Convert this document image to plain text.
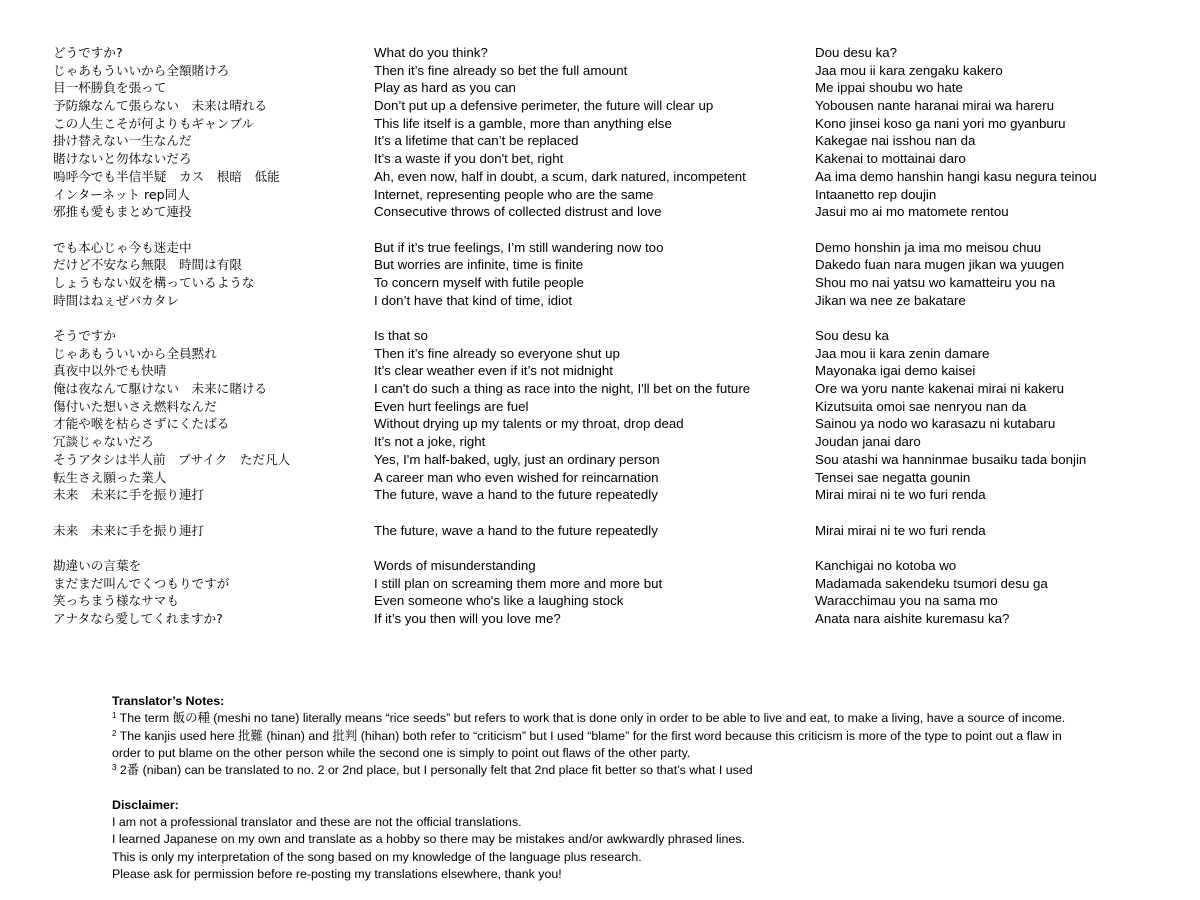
どうですか?	What do you think?	Dou desu ka?
じゃあもういいから全額賭けろ	Then it’s fine already so bet the full amount	Jaa mou ii kara zengaku kakero
目一杯勝負を張って	Play as hard as you can	Me ippai shoubu wo hate
予防線なんて張らない　未来は晴れる	Don’t put up a defensive perimeter, the future will clear up	Yobousen nante haranai mirai wa hareru
この人生こそが何よりもギャンブル	This life itself is a gamble, more than anything else	Kono jinsei koso ga nani yori mo gyanburu
掛け替えない一生なんだ	It’s a lifetime that can’t be replaced	Kakegae nai isshou nan da
賭けないと勿体ないだろ	It’s a waste if you don't bet, right	Kakenai to mottainai daro
嗚呼今でも半信半疑　カス　根暗　低能	Ah, even now, half in doubt, a scum, dark natured, incompetent	Aa ima demo hanshin hangi kasu negura teinou
インターネット rep同人	Internet, representing people who are the same	Intaanetto rep doujin
邪推も愛もまとめて連投	Consecutive throws of collected distrust and love	Jasui mo ai mo matomete rentou
でも本心じゃ今も迷走中	But if it’s true feelings, I’m still wandering now too	Demo honshin ja ima mo meisou chuu
だけど不安なら無限　時間は有限	But worries are infinite, time is finite	Dakedo fuan nara mugen jikan wa yuugen
しょうもない奴を構っているような	To concern myself with futile people	Shou mo nai yatsu wo kamatteiru you na
時間はねぇぜバカタレ	I don’t have that kind of time, idiot	Jikan wa nee ze bakatare
そうですか	Is that so	Sou desu ka
じゃあもういいから全員黙れ	Then it’s fine already so everyone shut up	Jaa mou ii kara zenin damare
真夜中以外でも快晴	It’s clear weather even if it’s not midnight	Mayonaka igai demo kaisei
俺は夜なんて駆けない　未来に賭ける	I can't do such a thing as race into the night, I'll bet on the future	Ore wa yoru nante kakenai mirai ni kakeru
傷付いた想いさえ燃料なんだ	Even hurt feelings are fuel	Kizutsuita omoi sae nenryou nan da
才能や喉を枯らさずにくたばる	Without drying up my talents or my throat, drop dead	Sainou ya nodo wo karasazu ni kutabaru
冗談じゃないだろ	It’s not a joke, right	Joudan janai daro
そうアタシは半人前　ブサイク　ただ凡人	Yes, I'm half-baked, ugly, just an ordinary person	Sou atashi wa hanninmae busaiku tada bonjin
転生さえ願った業人	A career man who even wished for reincarnation	Tensei sae negatta gounin
未来　未来に手を振り連打	The future, wave a hand to the future repeatedly	Mirai mirai ni te wo furi renda
未来　未来に手を振り連打	The future, wave a hand to the future repeatedly	Mirai mirai ni te wo furi renda
勘違いの言葉を	Words of misunderstanding	Kanchigai no kotoba wo
まだまだ叫んでくつもりですが	I still plan on screaming them more and more but	Madamada sakendeku tsumori desu ga
笑っちまう様なサマも	Even someone who's like a laughing stock	Waracchimau you na sama mo
アナタなら愛してくれますか?	If it’s you then will you love me?	Anata nara aishite kuremasu ka?

Translator’s Notes:

$^1$ The term 飯の種 (meshi no tane) literally means “rice seeds” but refers to work that is done only in order to be able to live and eat, to make a living, have a source of income.

$^2$ The kanjis used here 批難 (hinan) and 批判 (hihan) both refer to “criticism” but I used “blame” for the first word because this criticism is more of the type to point out a flaw in order to put blame on the other person while the second one is simply to point out flaws of the other party.

$^3$ 2番 (niban) can be translated to no. 2 or 2nd place, but I personally felt that 2nd place fit better so that’s what I used

Disclaimer:

I am not a professional translator and these are not the official translations.

I learned Japanese on my own and translate as a hobby so there may be mistakes and/or awkwardly phrased lines.

This is only my interpretation of the song based on my knowledge of the language plus research.

Please ask for permission before re-posting my translations elsewhere, thank you!
